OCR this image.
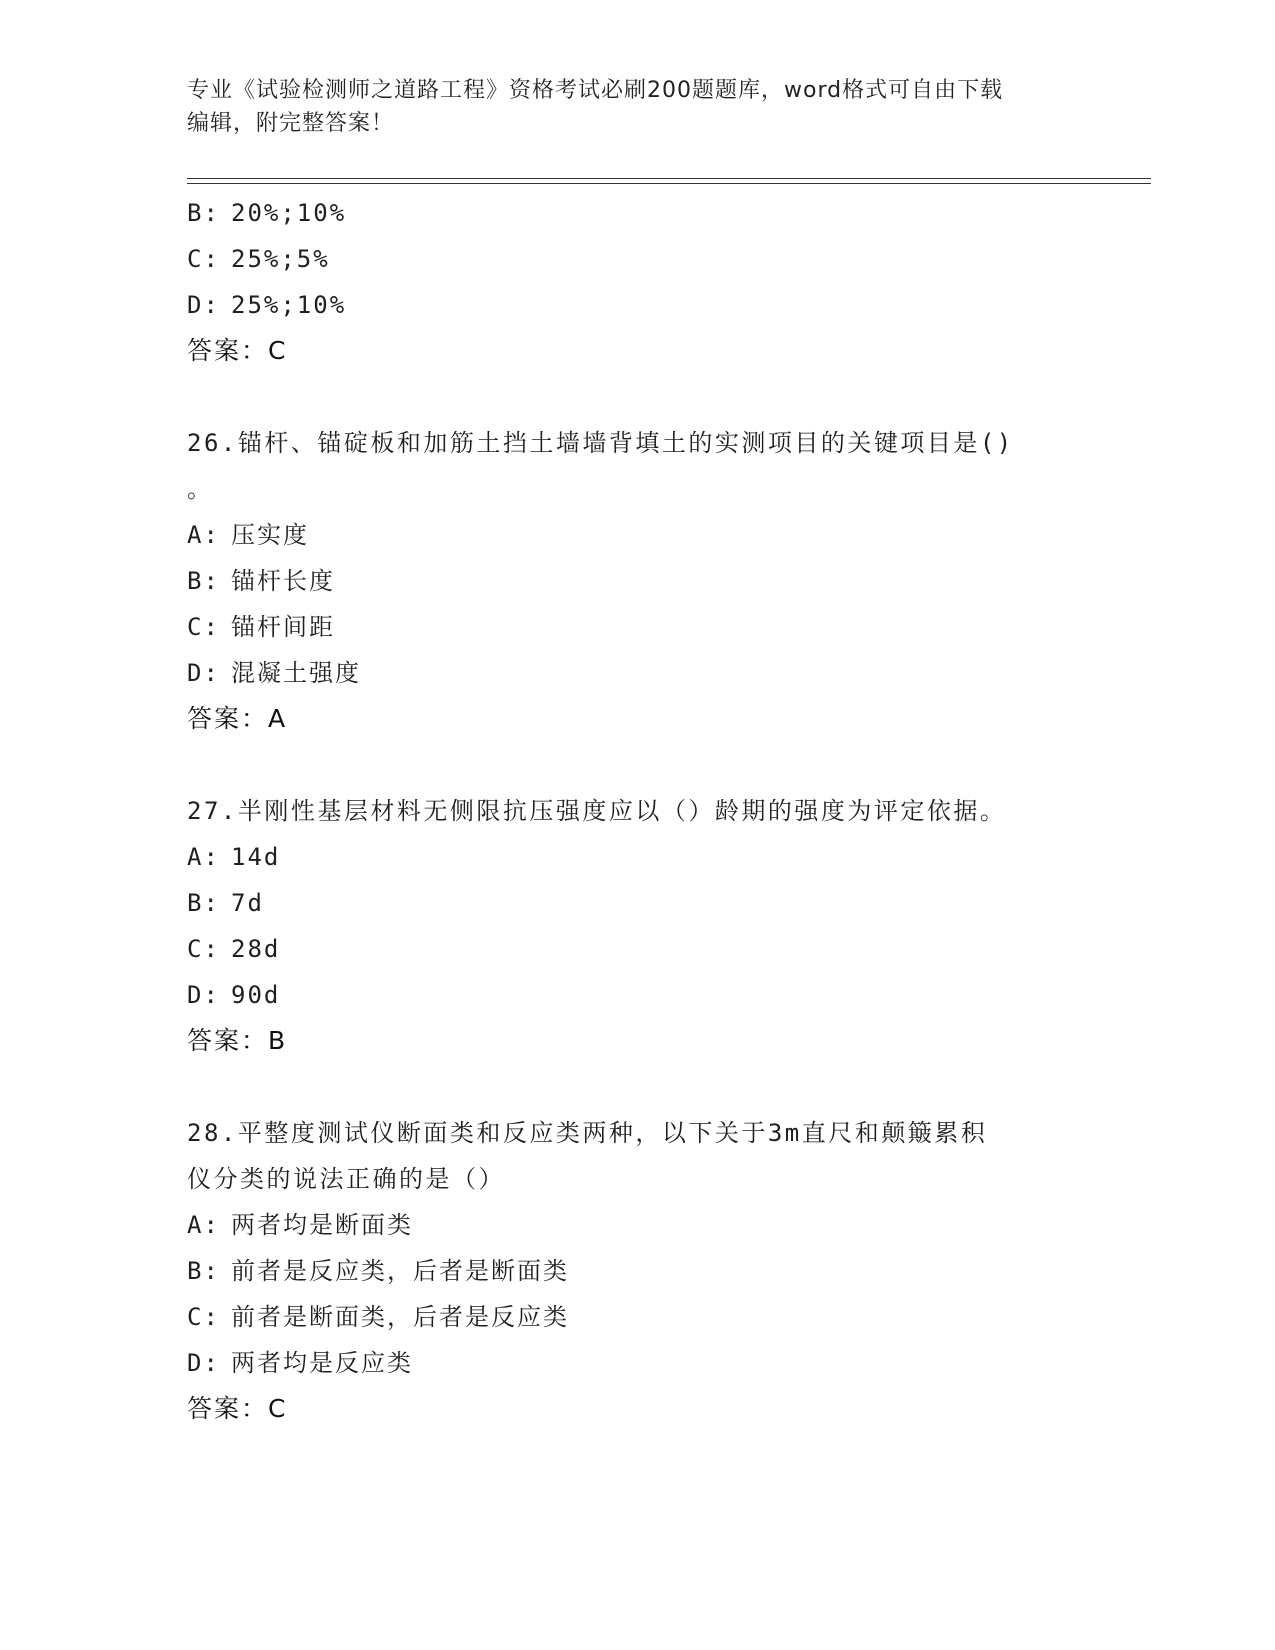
专业《试验检测师之道路工程》资格考试必刷200题题库，word格式可自由下载
编辑，附完整答案！
B: 20%;10%
C: 25%;5%
D: 25%;10%
答案：C
26.锚杆、锚碇板和加筋土挡土墙墙背填土的实测项目的关键项目是()
。
A: 压实度
B: 锚杆长度
C: 锚杆间距
D: 混凝土强度
答案：A
27.半刚性基层材料无侧限抗压强度应以（）龄期的强度为评定依据。
A: 14d
B: 7d
C: 28d
D: 90d
答案：B
28.平整度测试仪断面类和反应类两种，以下关于3m直尺和颠簸累积
仪分类的说法正确的是（）
A: 两者均是断面类
B: 前者是反应类，后者是断面类
C: 前者是断面类，后者是反应类
D: 两者均是反应类
答案：C
